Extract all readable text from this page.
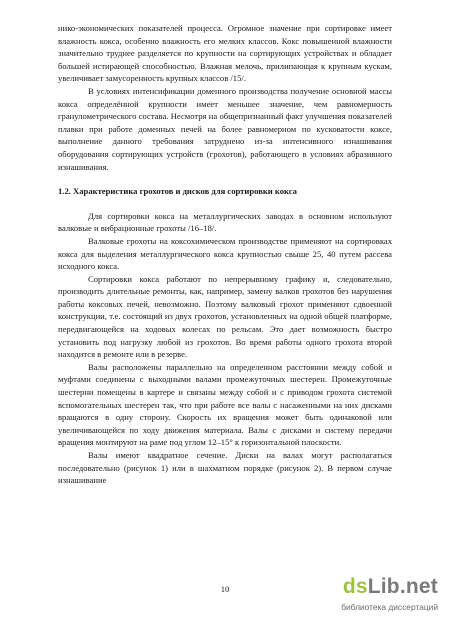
нико-экономических показателей процесса. Огромное значение при сортировке имеет влажность кокса, особенно влажность его мелких классов. Кокс повышенной влажности значительно труднее разделяется по крупности на сортирующих устройствах и обладает большей истирающей способностью. Влажная мелочь, прилипающая к крупным кускам, увеличивает замусоренность крупных классов /15/.

В условиях интенсификации доменного производства получение основной массы кокса определённой крупности имеет меньшее значение, чем равномерность гранулометрического состава. Несмотря на общепризнанный факт улучшения показателей плавки при работе доменных печей на более равномерном по кусковатости коксе, выполнение данного требования затруднено из-за интенсивного изнашивания оборудования сортирующих устройств (грохотов), работающего в условиях абразивного изнашивания.

1.2. Характеристика грохотов и дисков для сортировки кокса

Для сортировки кокса на металлургических заводах в основном используют валковые и вибрационные грохоты /16–18/.

Валковые грохоты на коксохимическом производстве применяют на сортировках кокса для выделения металлургического кокса крупностью свыше 25, 40 путем рассева исходного кокса.

Сортировки кокса работают по непрерывному графику и, следовательно, производить длительные ремонты, как, например, замену валков грохотов без нарушения работы коксовых печей, невозможно. Поэтому валковый грохот применяют сдвоенной конструкции, т.е. состоящий из двух грохотов, установленных на одной общей платформе, передвигающейся на ходовых колесах по рельсам. Это дает возможность быстро установить под нагрузку любой из грохотов. Во время работы одного грохота второй находится в ремонте или в резерве.

Валы расположены параллельно на определенном расстоянии между собой и муфтами соединены с выходными валами промежуточных шестерен. Промежуточные шестерни помещены в картере и связаны между собой и с приводом грохота системой вспомогательных шестерен так, что при работе все валы с насаженными на них дисками вращаются в одну сторону. Скорость их вращения может быть одинаковой или увеличивающейся по ходу движения материала. Валы с дисками и систему передачи вращения монтируют на раме под углом 12–15° к горизонтальной плоскости.

Валы имеют квадратное сечение. Диски на валах могут располагаться последовательно (рисунок 1) или в шахматном порядке (рисунок 2). В первом случае изнашивание

10	dsLib.net
библиотека диссертаций
